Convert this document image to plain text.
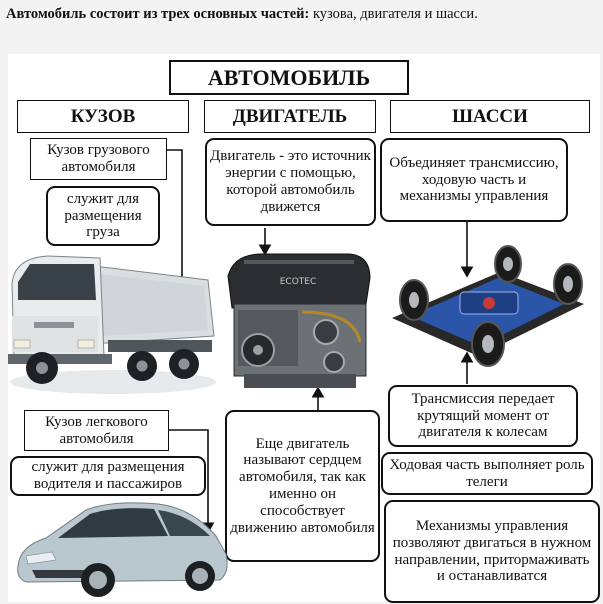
Автомобиль состоит из трех основных частей: кузова, двигателя и шасси.
АВТОМОБИЛЬ
КУЗОВ	ДВИГАТЕЛЬ	ШАССИ
Кузов грузового автомобиля
служит для размещения груза
Кузов легкового автомобиля
служит для размещения водителя и пассажиров
Двигатель - это источник энергии с помощью, которой автомобиль движется
Еще двигатель называют сердцем автомобиля, так как именно он способствует движению автомобиля
Объединяет трансмиссию, ходовую часть и механизмы управления
Трансмиссия передает крутящий момент от двигателя к колесам
Ходовая часть выполняет роль телеги
Механизмы управления позволяют двигаться в нужном направлении, притормаживать и останавливатся
ECOTEC
